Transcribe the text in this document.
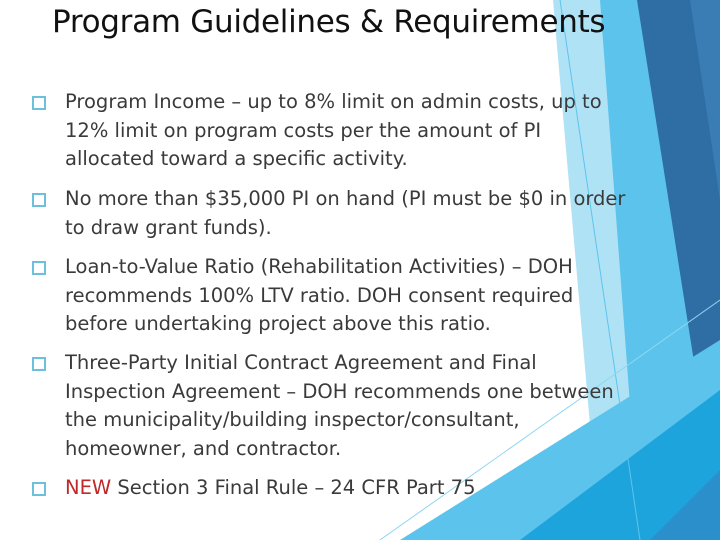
Program Guidelines & Requirements
Program Income – up to 8% limit on admin costs, up to
12% limit on program costs per the amount of PI
allocated toward a specific activity.
No more than $35,000 PI on hand (PI must be $0 in order
to draw grant funds).
Loan-to-Value Ratio (Rehabilitation Activities) – DOH
recommends 100% LTV ratio. DOH consent required
before undertaking project above this ratio.
Three-Party Initial Contract Agreement and Final
Inspection Agreement – DOH recommends one between
the municipality/building inspector/consultant,
homeowner, and contractor.
NEW Section 3 Final Rule – 24 CFR Part 75
